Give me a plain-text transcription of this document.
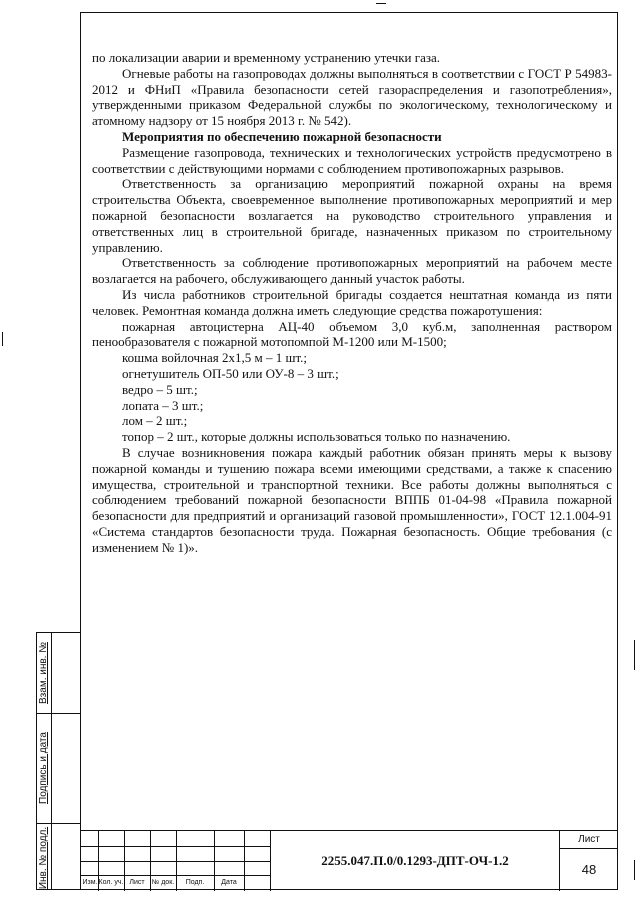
Взам. инв. №
Подпись и дата
Инв. № подл.

по локализации аварии и временному устранению утечки газа.

Огневые работы на газопроводах должны выполняться в соответствии с ГОСТ Р 54983-2012 и ФНиП «Правила безопасности сетей газораспределения и газопотребления», утвержденными приказом Федеральной службы по экологическому, технологическому и атомному надзору от 15 ноября 2013 г. № 542).

Мероприятия по обеспечению пожарной безопасности

Размещение газопровода, технических и технологических устройств предусмотрено в соответствии с действующими нормами с соблюдением противопожарных разрывов.

Ответственность за организацию мероприятий пожарной охраны на время строительства Объекта, своевременное выполнение противопожарных мероприятий и мер пожарной безопасности возлагается на руководство строительного управления и ответственных лиц в строительной бригаде, назначенных приказом по строительному управлению.

Ответственность за соблюдение противопожарных мероприятий на рабочем месте возлагается на рабочего, обслуживающего данный участок работы.

Из числа работников строительной бригады создается нештатная команда из пяти человек. Ремонтная команда должна иметь следующие средства пожаротушения:

пожарная автоцистерна АЦ-40 объемом 3,0 куб.м, заполненная раствором пенообразователя с пожарной мотопомпой М-1200 или М-1500;

кошма войлочная 2х1,5 м – 1 шт.;

огнетушитель ОП-50 или ОУ-8 – 3 шт.;

ведро – 5 шт.;

лопата – 3 шт.;

лом – 2 шт.;

топор – 2 шт., которые должны использоваться только по назначению.

В случае возникновения пожара каждый работник обязан принять меры к вызову пожарной команды и тушению пожара всеми имеющими средствами, а также к спасению имущества, строительной и транспортной техники. Все работы должны выполняться с соблюдением требований пожарной безопасности ВППБ 01-04-98 «Правила пожарной безопасности для предприятий и организаций газовой промышленности», ГОСТ 12.1.004-91 «Система стандартов безопасности труда. Пожарная безопасность. Общие требования (с изменением № 1)».

Изм. Кол. уч. Лист	№ док.	Подп.	Дата
2255.047.П.0/0.1293-ДПТ-ОЧ-1.2
Лист
48
